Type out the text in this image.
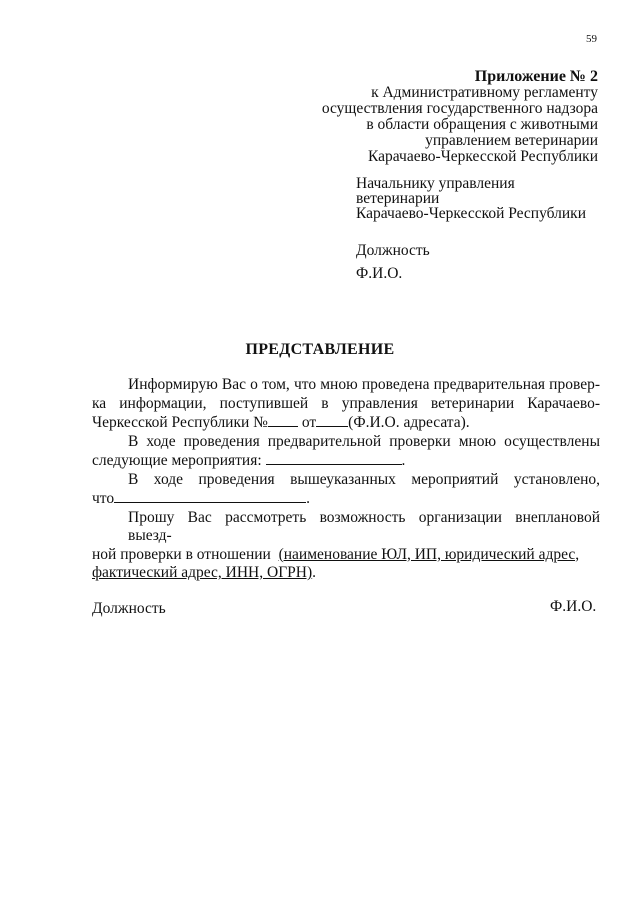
59
Приложение № 2
к Административному регламенту
осуществления государственного надзора
в области обращения с животными
управлением ветеринарии
Карачаево-Черкесской Республики
Начальнику управления
ветеринарии
Карачаево-Черкесской Республики
Должность
Ф.И.О.
ПРЕДСТАВЛЕНИЕ
Информирую Вас о том, что мною проведена предварительная провер-
ка информации, поступившей в управления ветеринарии Карачаево-
Черкесской Республики № от (Ф.И.О. адресата).
В ходе проведения предварительной проверки мною осуществлены
следующие мероприятия:	.
В ходе проведения вышеуказанных мероприятий установлено,
что	.
Прошу Вас рассмотреть возможность организации внеплановой выезд-
ной проверки в отношении (наименование ЮЛ, ИП, юридический адрес,
фактический адрес, ИНН, ОГРН).
Должность	Ф.И.О.
